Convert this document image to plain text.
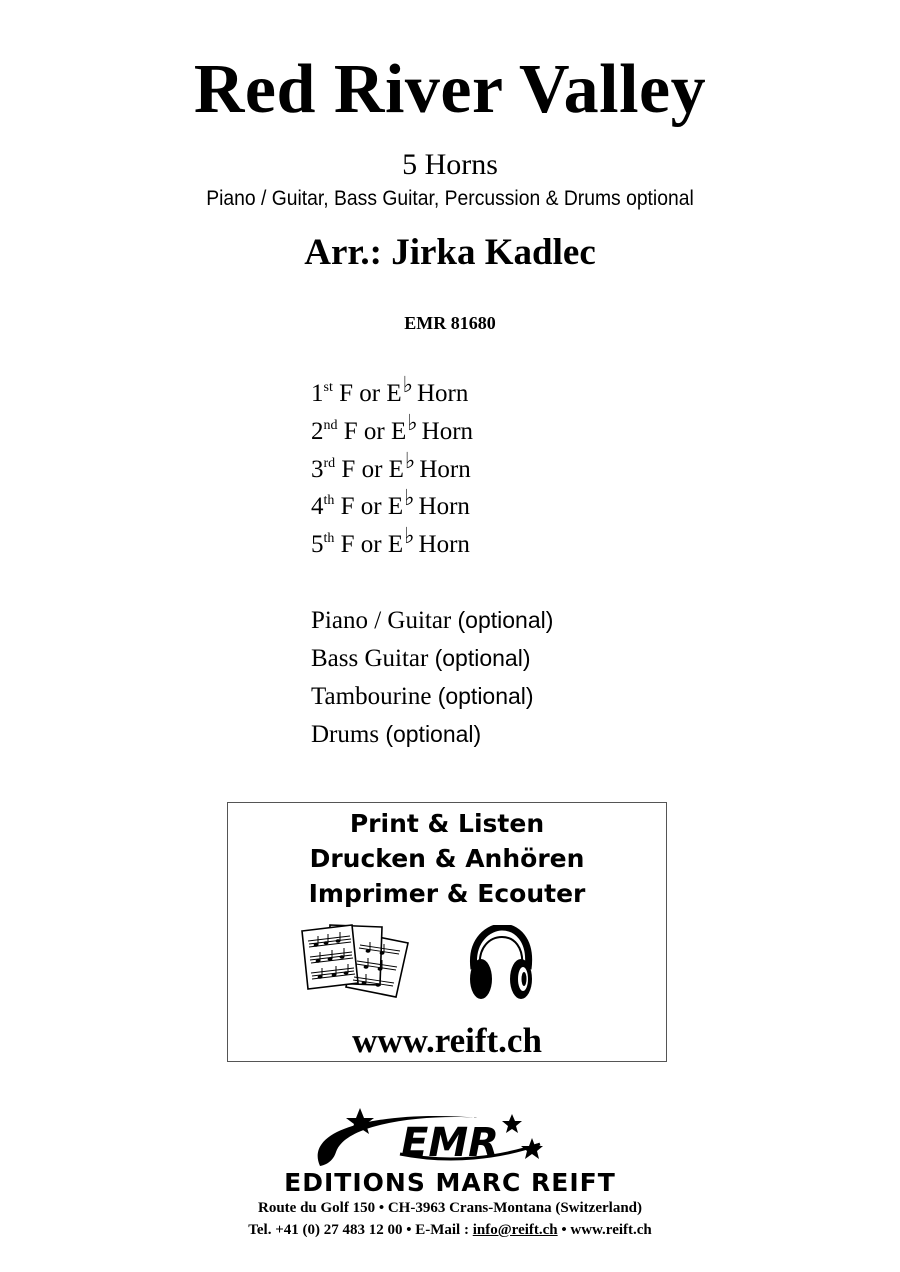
Red River Valley
5 Horns
Piano / Guitar, Bass Guitar, Percussion & Drums optional
Arr.: Jirka Kadlec
EMR 81680
1st F or E♭ Horn
2nd F or E♭ Horn
3rd F or E♭ Horn
4th F or E♭ Horn
5th F or E♭ Horn
Piano / Guitar (optional)
Bass Guitar (optional)
Tambourine (optional)
Drums (optional)
Print & Listen
Drucken & Anhören
Imprimer & Ecouter
www.reift.ch
EMR
EDITIONS MARC REIFT
Route du Golf 150 • CH-3963 Crans-Montana (Switzerland)
Tel. +41 (0) 27 483 12 00 • E-Mail : info@reift.ch • www.reift.ch
